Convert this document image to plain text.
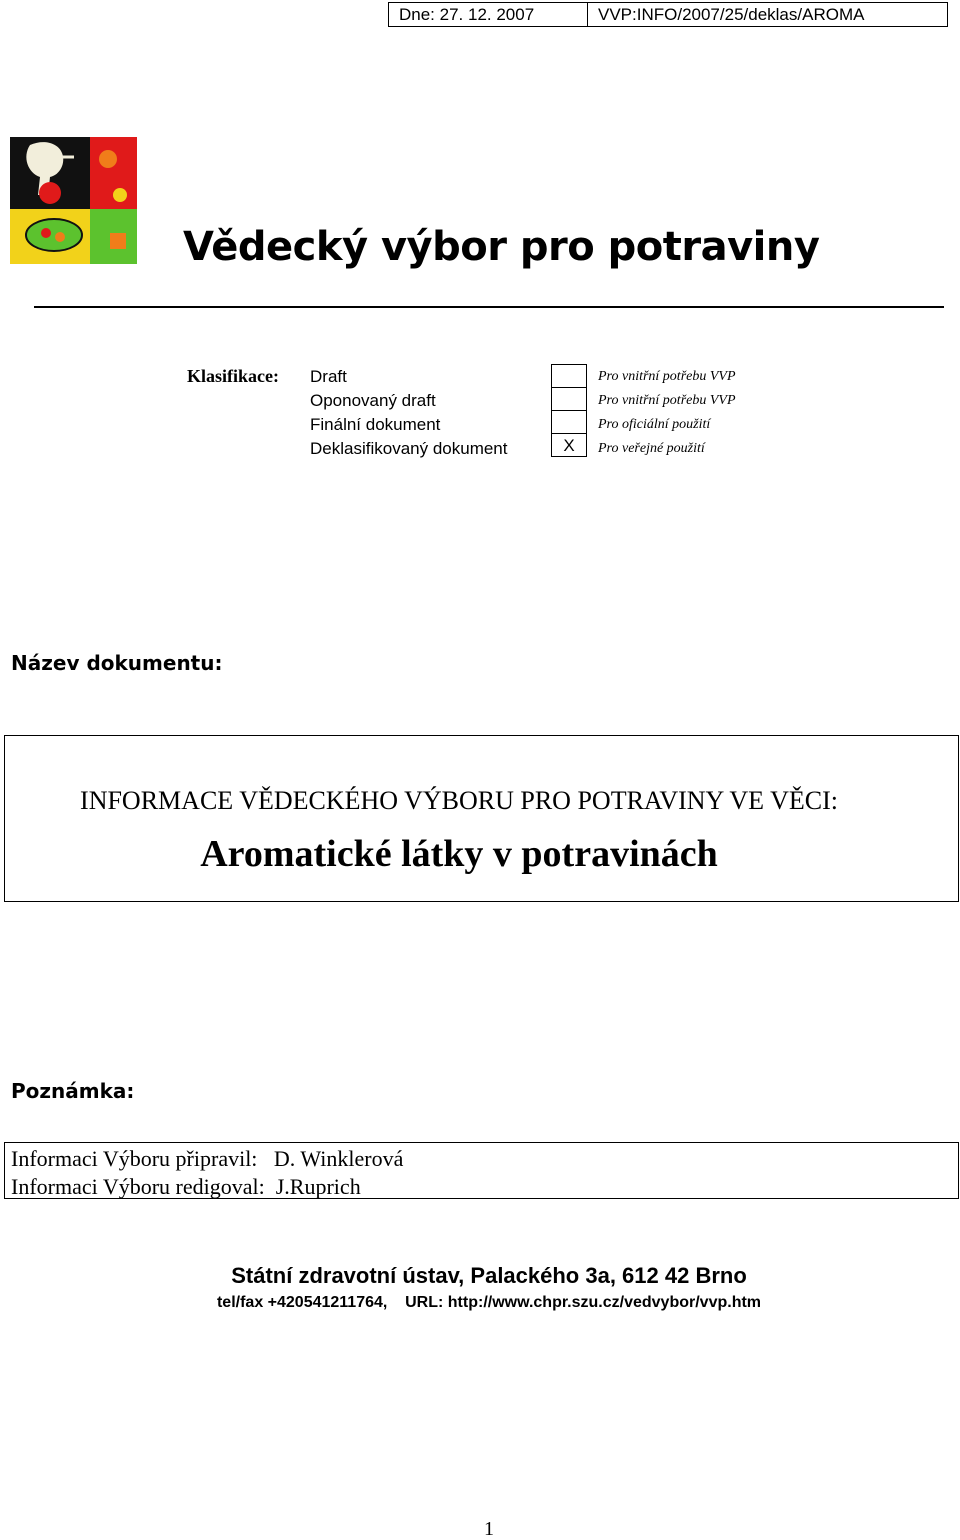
Dne: 27. 12. 2007	VVP:INFO/2007/25/deklas/AROMA
Vědecký výbor pro potraviny
Klasifikace: Draft
Oponovaný draft
Finální dokument
Deklasifikovaný dokument	X
Pro vnitřní potřebu VVP
Pro vnitřní potřebu VVP
Pro oficiální použití
Pro veřejné použití
Název dokumentu:
INFORMACE VĚDECKÉHO VÝBORU PRO POTRAVINY VE VĚCI:
Aromatické látky v potravinách
Poznámka:
Informaci Výboru připravil: D. Winklerová
Informaci Výboru redigoval: J.Ruprich
Státní zdravotní ústav, Palackého 3a, 612 42 Brno
tel/fax +420541211764,    URL: http://www.chpr.szu.cz/vedvybor/vvp.htm
1
